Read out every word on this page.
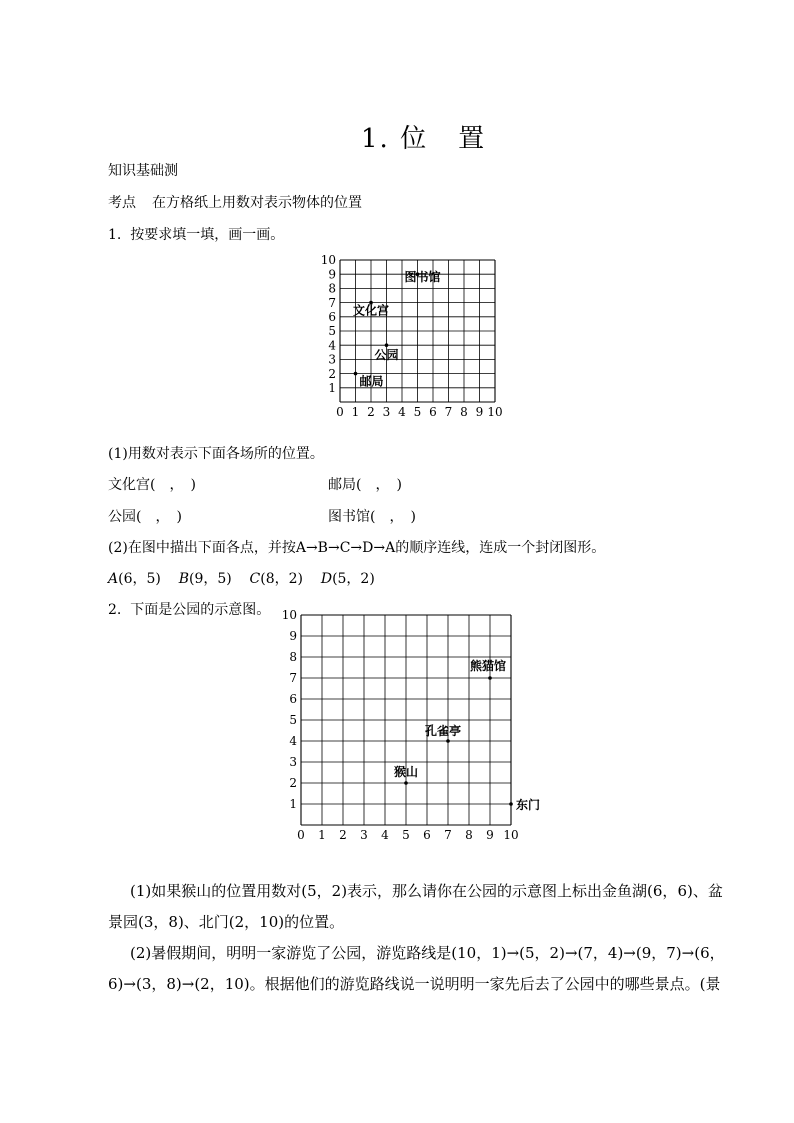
1. 位 置
知识基础测
考点 在方格纸上用数对表示物体的位置
1. 按要求填一填，画一画。
0 1 2 3 4 5 6 7 8 9 10
1
2
3
4
5
6
7
8
9
10
图书馆
文化宫
公园
邮局
(1)用数对表示下面各场所的位置。
文化宫(　，　)	邮局(　，　)
公园(　，　)	图书馆(　，　)
(2)在图中描出下面各点，并按A→B→C→D→A的顺序连线，连成一个封闭图形。
A(6，5) B(9，5) C(8，2) D(5，2)
2. 下面是公园的示意图。
0 1 2 3 4 5 6 7 8 9 10
1
2
3
4
5
6
7
8
9
10
熊猫馆
孔雀亭
猴山
东门
(1)如果猴山的位置用数对(5，2)表示，那么请你在公园的示意图上标出金鱼湖(6，6)、盆
景园(3，8)、北门(2，10)的位置。
(2)暑假期间，明明一家游览了公园，游览路线是(10，1)→(5，2)→(7，4)→(9，7)→(6，
6)→(3，8)→(2，10)。根据他们的游览路线说一说明明一家先后去了公园中的哪些景点。(景
